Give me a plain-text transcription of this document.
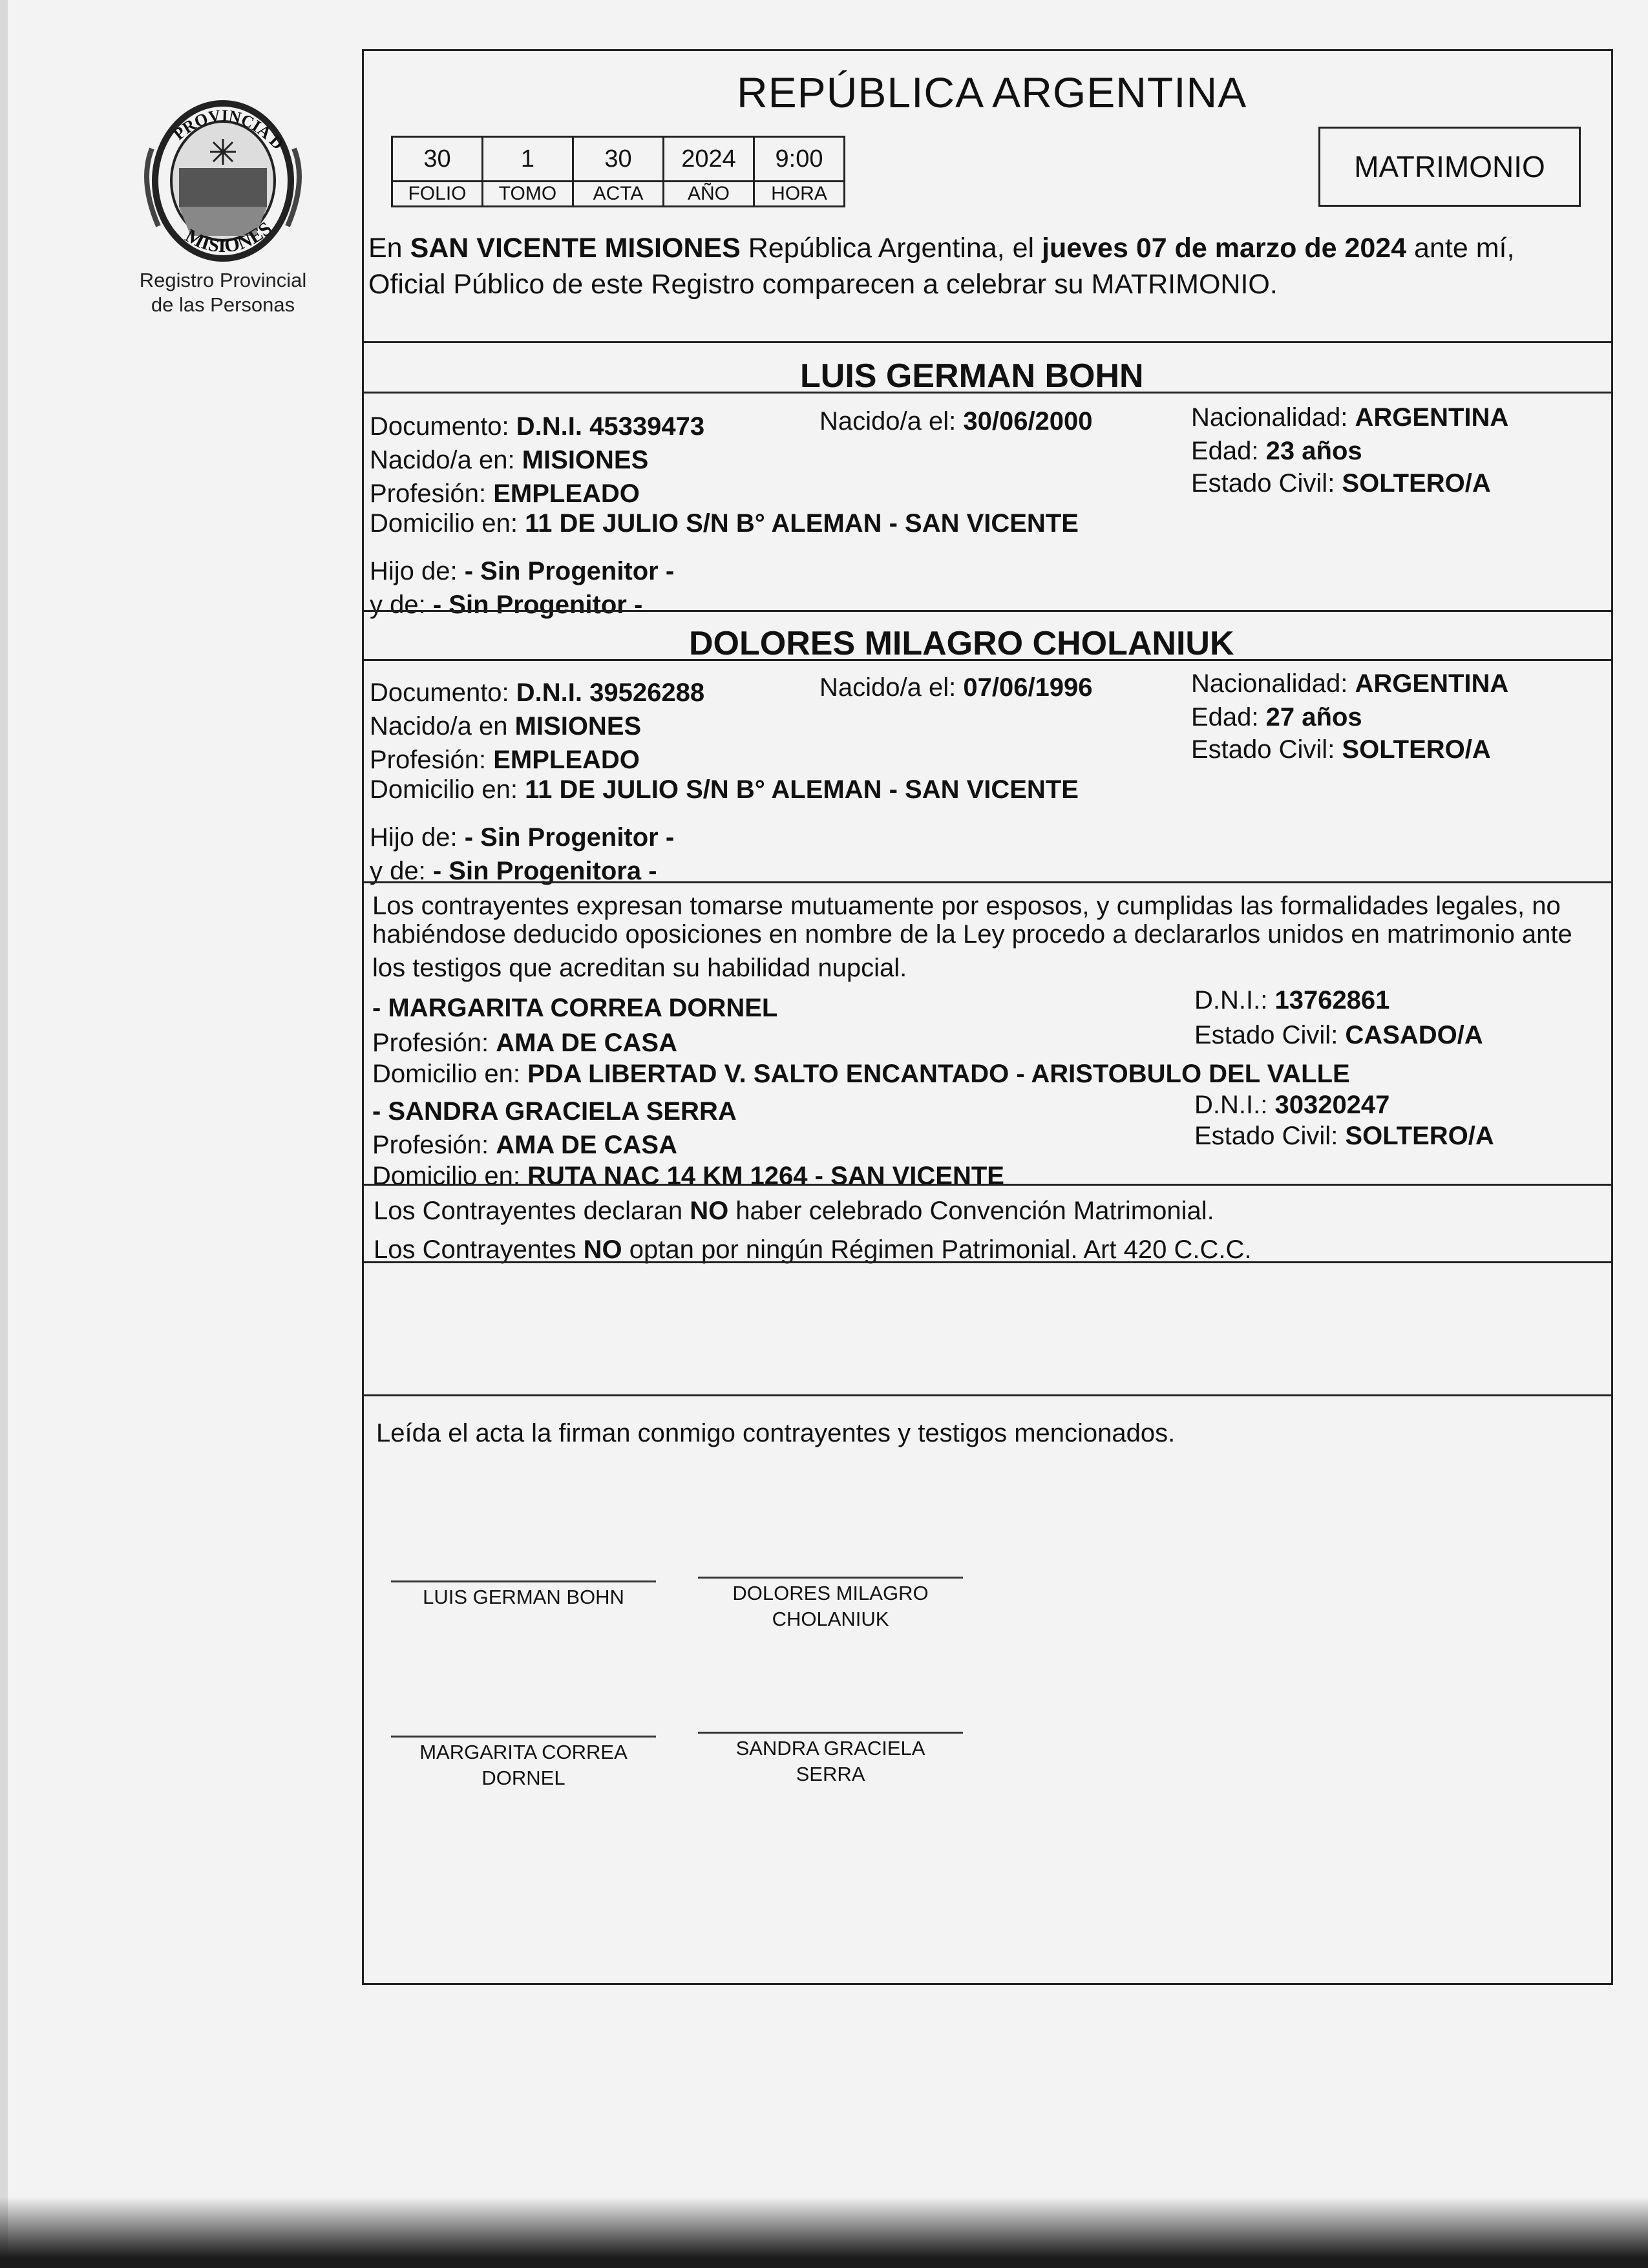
PROVINCIA D
MISIONES
Registro Provincial
de las Personas
REPÚBLICA ARGENTINA
30	1	30	2024	9:00
FOLIO	TOMO	ACTA	AÑO	HORA
MATRIMONIO
En SAN VICENTE MISIONES República Argentina, el jueves 07 de marzo de 2024 ante mí,
Oficial Público de este Registro comparecen a celebrar su MATRIMONIO.
LUIS GERMAN BOHN
Documento: D.N.I. 45339473	Nacido/a el: 30/06/2000	Nacionalidad: ARGENTINA
Nacido/a en: MISIONES	Edad: 23 años
Profesión: EMPLEADO	Estado Civil: SOLTERO/A
Domicilio en: 11 DE JULIO S/N B° ALEMAN - SAN VICENTE
Hijo de: - Sin Progenitor -
y de: - Sin Progenitor -
DOLORES MILAGRO CHOLANIUK
Documento: D.N.I. 39526288	Nacido/a el: 07/06/1996	Nacionalidad: ARGENTINA
Nacido/a en MISIONES	Edad: 27 años
Profesión: EMPLEADO	Estado Civil: SOLTERO/A
Domicilio en: 11 DE JULIO S/N B° ALEMAN - SAN VICENTE
Hijo de: - Sin Progenitor -
y de: - Sin Progenitora -
Los contrayentes expresan tomarse mutuamente por esposos, y cumplidas las formalidades legales, no
habiéndose deducido oposiciones en nombre de la Ley procedo a declararlos unidos en matrimonio ante
los testigos que acreditan su habilidad nupcial.
- MARGARITA CORREA DORNEL	D.N.I.: 13762861
Profesión: AMA DE CASA	Estado Civil: CASADO/A
Domicilio en: PDA LIBERTAD V. SALTO ENCANTADO - ARISTOBULO DEL VALLE
- SANDRA GRACIELA SERRA	D.N.I.: 30320247
Profesión: AMA DE CASA	Estado Civil: SOLTERO/A
Domicilio en: RUTA NAC 14 KM 1264 - SAN VICENTE
Los Contrayentes declaran NO haber celebrado Convención Matrimonial.
Los Contrayentes NO optan por ningún Régimen Patrimonial. Art 420 C.C.C.
Leída el acta la firman conmigo contrayentes y testigos mencionados.
LUIS GERMAN BOHN	DOLORES MILAGRO
CHOLANIUK
MARGARITA CORREA
DORNEL
SANDRA GRACIELA
SERRA
